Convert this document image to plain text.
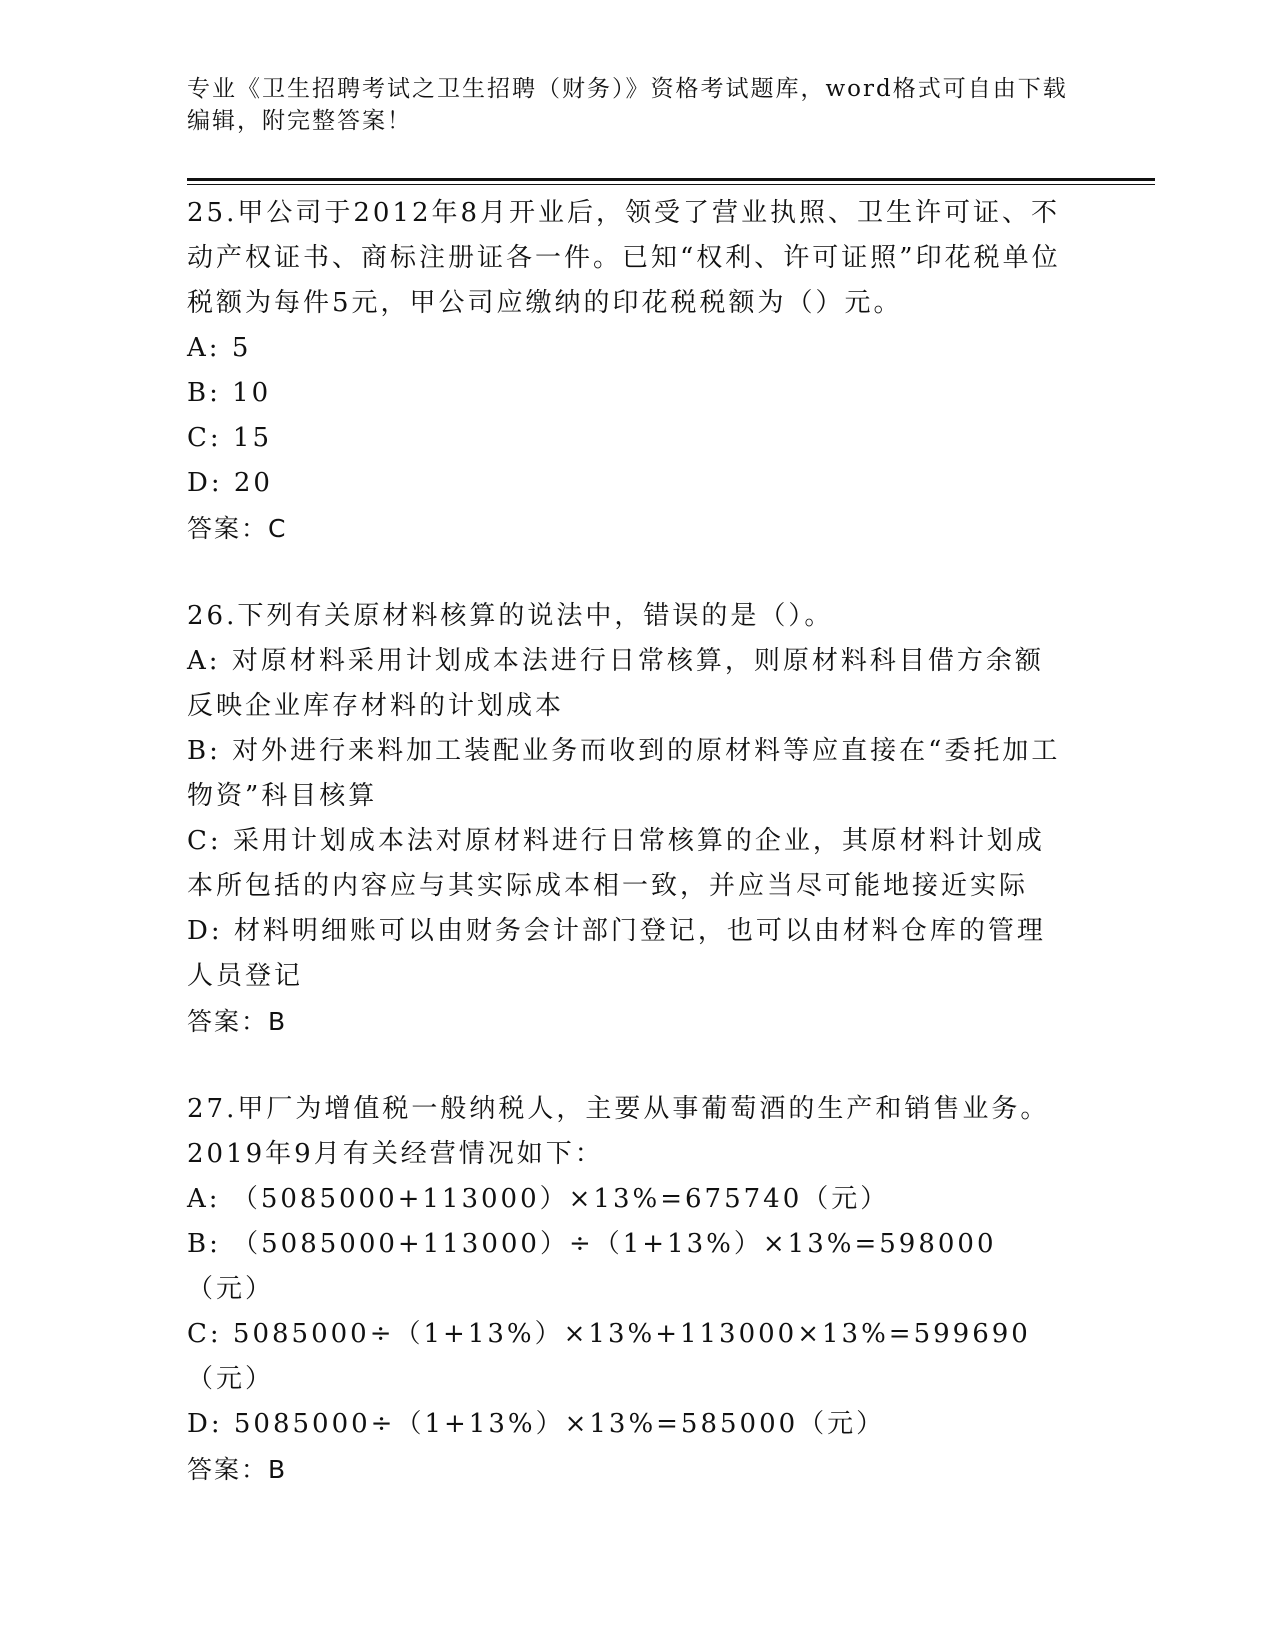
专业《卫生招聘考试之卫生招聘（财务）》资格考试题库，word格式可自由下载
编辑，附完整答案！

25.甲公司于2012年8月开业后，领受了营业执照、卫生许可证、不动产权证书、商标注册证各一件。已知“权利、许可证照”印花税单位税额为每件5元，甲公司应缴纳的印花税税额为（）元。

A: 5

B: 10

C: 15

D: 20

答案：C

26.下列有关原材料核算的说法中，错误的是（）。

A: 对原材料采用计划成本法进行日常核算，则原材料科目借方余额反映企业库存材料的计划成本

B: 对外进行来料加工装配业务而收到的原材料等应直接在“委托加工物资”科目核算

C: 采用计划成本法对原材料进行日常核算的企业，其原材料计划成本所包括的内容应与其实际成本相一致，并应当尽可能地接近实际

D: 材料明细账可以由财务会计部门登记，也可以由材料仓库的管理人员登记

答案：B

27.甲厂为增值税一般纳税人，主要从事葡萄酒的生产和销售业务。2019年9月有关经营情况如下：

A: （5085000+113000）×13%=675740（元）

B: （5085000+113000）÷（1+13%）×13%=598000（元）

C: 5085000÷（1+13%）×13%+113000×13%=599690（元）

D: 5085000÷（1+13%）×13%=585000（元）

答案：B
